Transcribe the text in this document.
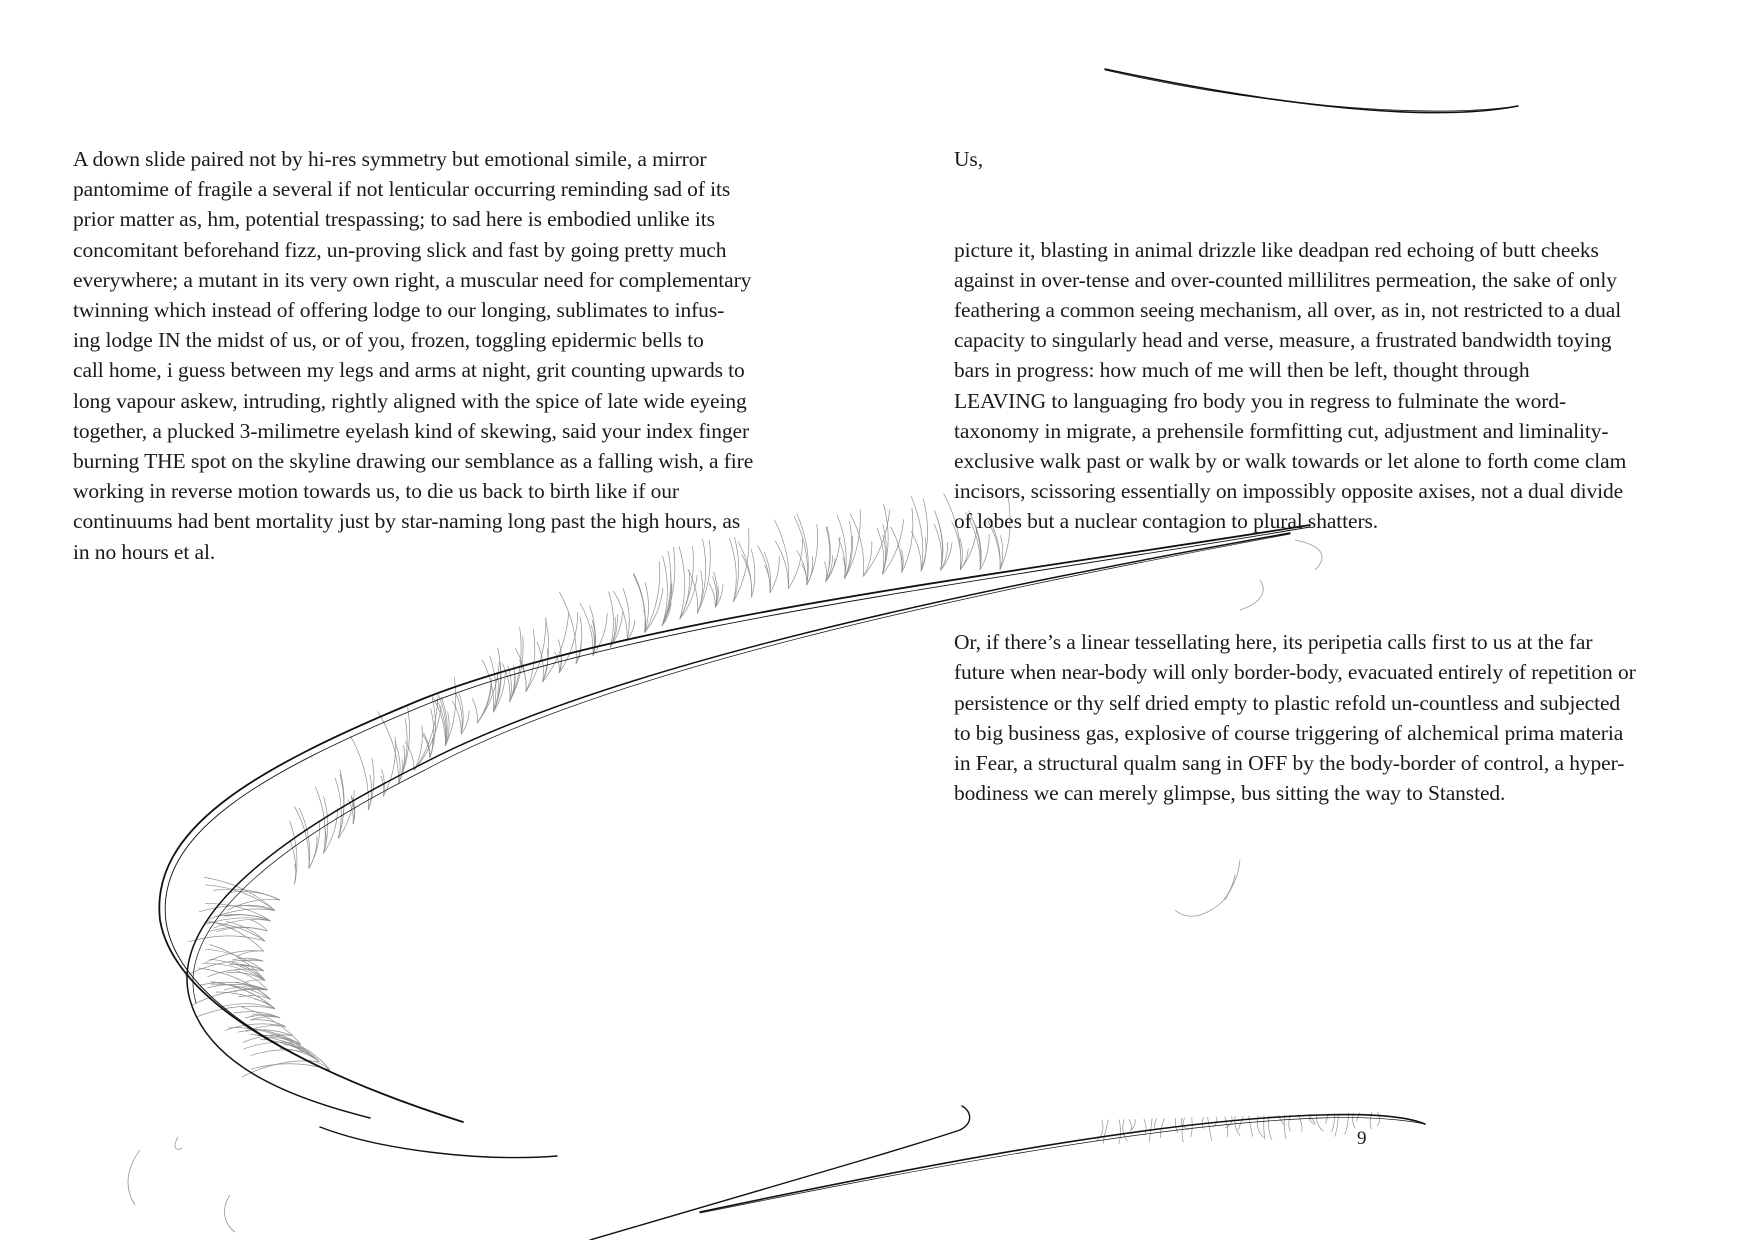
A down slide paired not by hi-res symmetry but emotional simile, a mirror

pantomime of fragile a several if not lenticular occurring reminding sad of its

prior matter as, hm, potential trespassing; to sad here is embodied unlike its

concomitant beforehand fizz, un-proving slick and fast by going pretty much

everywhere; a mutant in its very own right, a muscular need for complementary

twinning which instead of offering lodge to our longing, sublimates to infus-

ing lodge IN the midst of us, or of you, frozen, toggling epidermic bells to

call home, i guess between my legs and arms at night, grit counting upwards to

long vapour askew, intruding, rightly aligned with the spice of late wide eyeing

together, a plucked 3-milimetre eyelash kind of skewing, said your index finger

burning THE spot on the skyline drawing our semblance as a falling wish, a fire

working in reverse motion towards us, to die us back to birth like if our

continuums had bent mortality just by star-naming long past the high hours, as

in no hours et al.

Us,

picture it, blasting in animal drizzle like deadpan red echoing of butt cheeks

against in over-tense and over-counted millilitres permeation, the sake of only

feathering a common seeing mechanism, all over, as in, not restricted to a dual

capacity to singularly head and verse, measure, a frustrated bandwidth toying

bars in progress: how much of me will then be left, thought through

LEAVING to languaging fro body you in regress to fulminate the word-

taxonomy in migrate, a prehensile formfitting cut, adjustment and liminality-

exclusive walk past or walk by or walk towards or let alone to forth come clam

incisors, scissoring essentially on impossibly opposite axises, not a dual divide

of lobes but a nuclear contagion to plural shatters.

Or, if there’s a linear tessellating here, its peripetia calls first to us at the far

future when near-body will only border-body, evacuated entirely of repetition or

persistence or thy self dried empty to plastic refold un-countless and subjected

to big business gas, explosive of course triggering of alchemical prima materia

in Fear, a structural qualm sang in OFF by the body-border of control, a hyper-

bodiness we can merely glimpse, bus sitting the way to Stansted.

9
